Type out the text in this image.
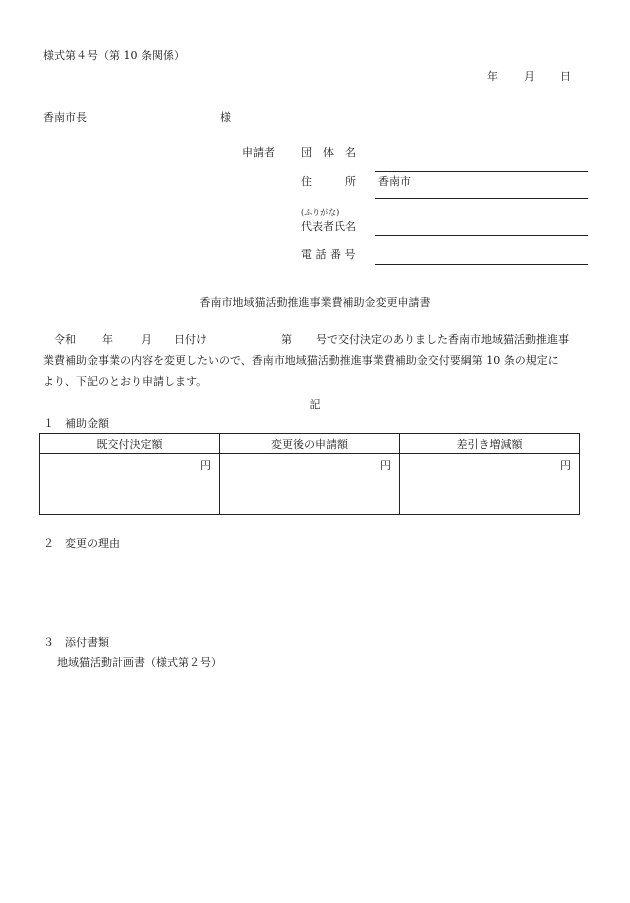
様式第４号（第 10 条関係）
年 月 日
香南市長	様
申請者 団　体　名
住　　　所 香南市
(ふりがな)
代表者氏名
電 話 番 号
香南市地域猫活動推進事業費補助金変更申請書
令和 年	月 日付け	第 号で交付決定のありました香南市地域猫活動推進事
業費補助金事業の内容を変更したいので、香南市地域猫活動推進事業費補助金交付要綱第 10 条の規定に
より、下記のとおり申請します。
記
１　補助金額
既交付決定額	変更後の申請額	差引き増減額
円	円	円
２　変更の理由
３　添付書類
地域猫活動計画書（様式第２号）
